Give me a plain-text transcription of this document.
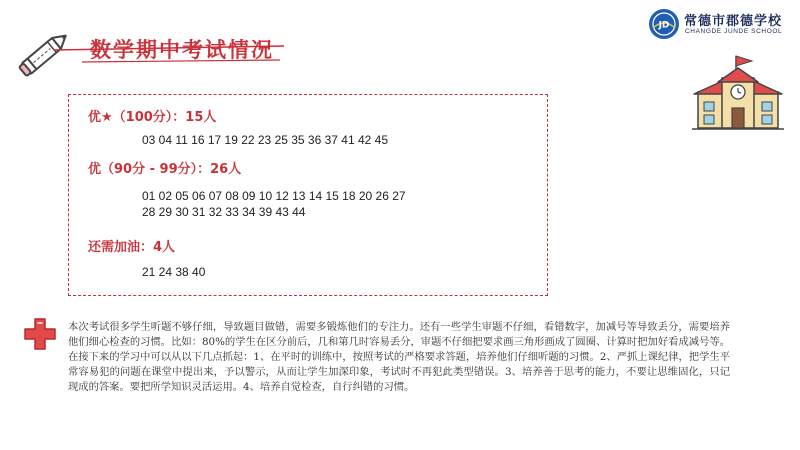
数学期中考试情况
JD 常德市郡德学校
CHANGDE JUNDE SCHOOL
优★（100分）：15人
03 04 11 16 17 19 22 23 25 35 36 37 41 42 45
优（90分 - 99分）：26人
01 02 05 06 07 08 09 10 12 13 14 15 18 20 26 27
28 29 30 31 32 33 34 39 43 44
还需加油：4人
21 24 38 40
本次考试很多学生听题不够仔细，导致题目做错，需要多锻炼他们的专注力。还有一些学生审题不仔细，看错数字，加减号等导致丢分，需要培养他们细心检查的习惯。比如：80%的学生在区分前后，几和第几时容易丢分，审题不仔细把要求画三角形画成了圆圈、计算时把加好看成减号等。在接下来的学习中可以从以下几点抓起：1、在平时的训练中，按照考试的严格要求答题，培养他们仔细听题的习惯。2、严抓上课纪律，把学生平常容易犯的问题在课堂中提出来，予以警示，从而让学生加深印象，考试时不再犯此类型错误。3、培养善于思考的能力，不要让思维固化，只记现成的答案。要把所学知识灵活运用。4、培养自觉检查，自行纠错的习惯。
